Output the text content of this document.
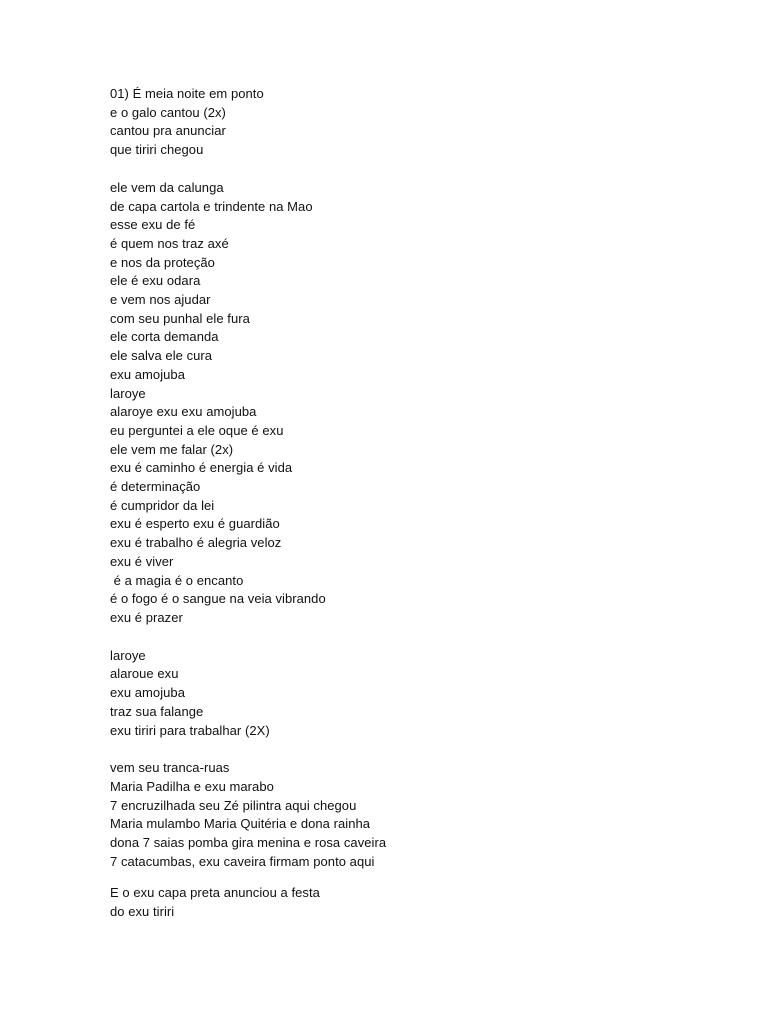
01) É meia noite em ponto
e o galo cantou (2x)
cantou pra anunciar
que tiriri chegou
ele vem da calunga
de capa cartola e trindente na Mao
esse exu de fé
é quem nos traz axé
e nos da proteção
ele é exu odara
e vem nos ajudar
com seu punhal ele fura
ele corta demanda
ele salva ele cura
exu amojuba
laroye
alaroye exu exu amojuba
eu perguntei a ele oque é exu
ele vem me falar (2x)
exu é caminho é energia é vida
é determinação
é cumpridor da lei
exu é esperto exu é guardião
exu é trabalho é alegria veloz
exu é viver
é a magia é o encanto
é o fogo é o sangue na veia vibrando
exu é prazer
laroye
alaroue exu
exu amojuba
traz sua falange
exu tiriri para trabalhar (2X)
vem seu tranca-ruas
Maria Padilha e exu marabo
7 encruzilhada seu Zé pilintra aqui chegou
Maria mulambo Maria Quitéria e dona rainha
dona 7 saias pomba gira menina e rosa caveira
7 catacumbas, exu caveira firmam ponto aqui
E o exu capa preta anunciou a festa
do exu tiriri
